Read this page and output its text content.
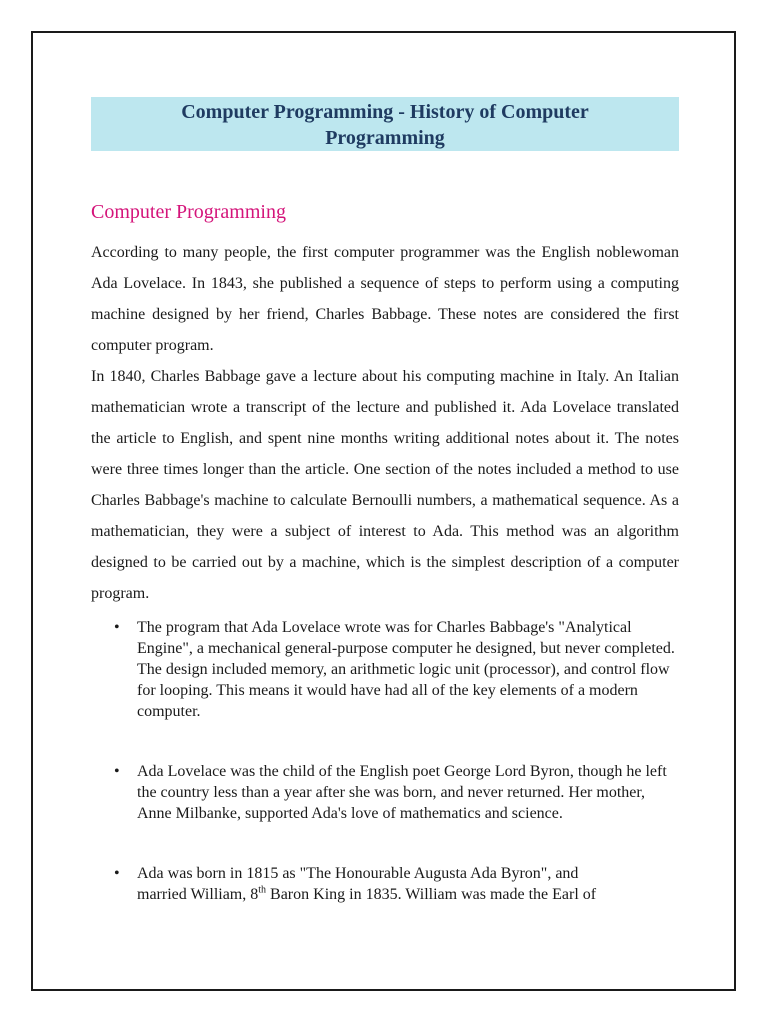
Computer Programming - History of Computer Programming
Computer Programming

According to many people, the first computer programmer was the English noblewoman Ada Lovelace. In 1843, she published a sequence of steps to perform using a computing machine designed by her friend, Charles Babbage. These notes are considered the first computer program.

In 1840, Charles Babbage gave a lecture about his computing machine in Italy. An Italian mathematician wrote a transcript of the lecture and published it. Ada Lovelace translated the article to English, and spent nine months writing additional notes about it. The notes were three times longer than the article. One section of the notes included a method to use Charles Babbage's machine to calculate Bernoulli numbers, a mathematical sequence. As a mathematician, they were a subject of interest to Ada. This method was an algorithm designed to be carried out by a machine, which is the simplest description of a computer program.

• The program that Ada Lovelace wrote was for Charles Babbage's "Analytical Engine", a mechanical general-purpose computer he designed, but never completed. The design included memory, an arithmetic logic unit (processor), and control flow for looping. This means it would have had all of the key elements of a modern computer.
• Ada Lovelace was the child of the English poet George Lord Byron, though he left the country less than a year after she was born, and never returned. Her mother, Anne Milbanke, supported Ada's love of mathematics and science.
• Ada was born in 1815 as "The Honourable Augusta Ada Byron", and
married William, 8th Baron King in 1835. William was made the Earl of
